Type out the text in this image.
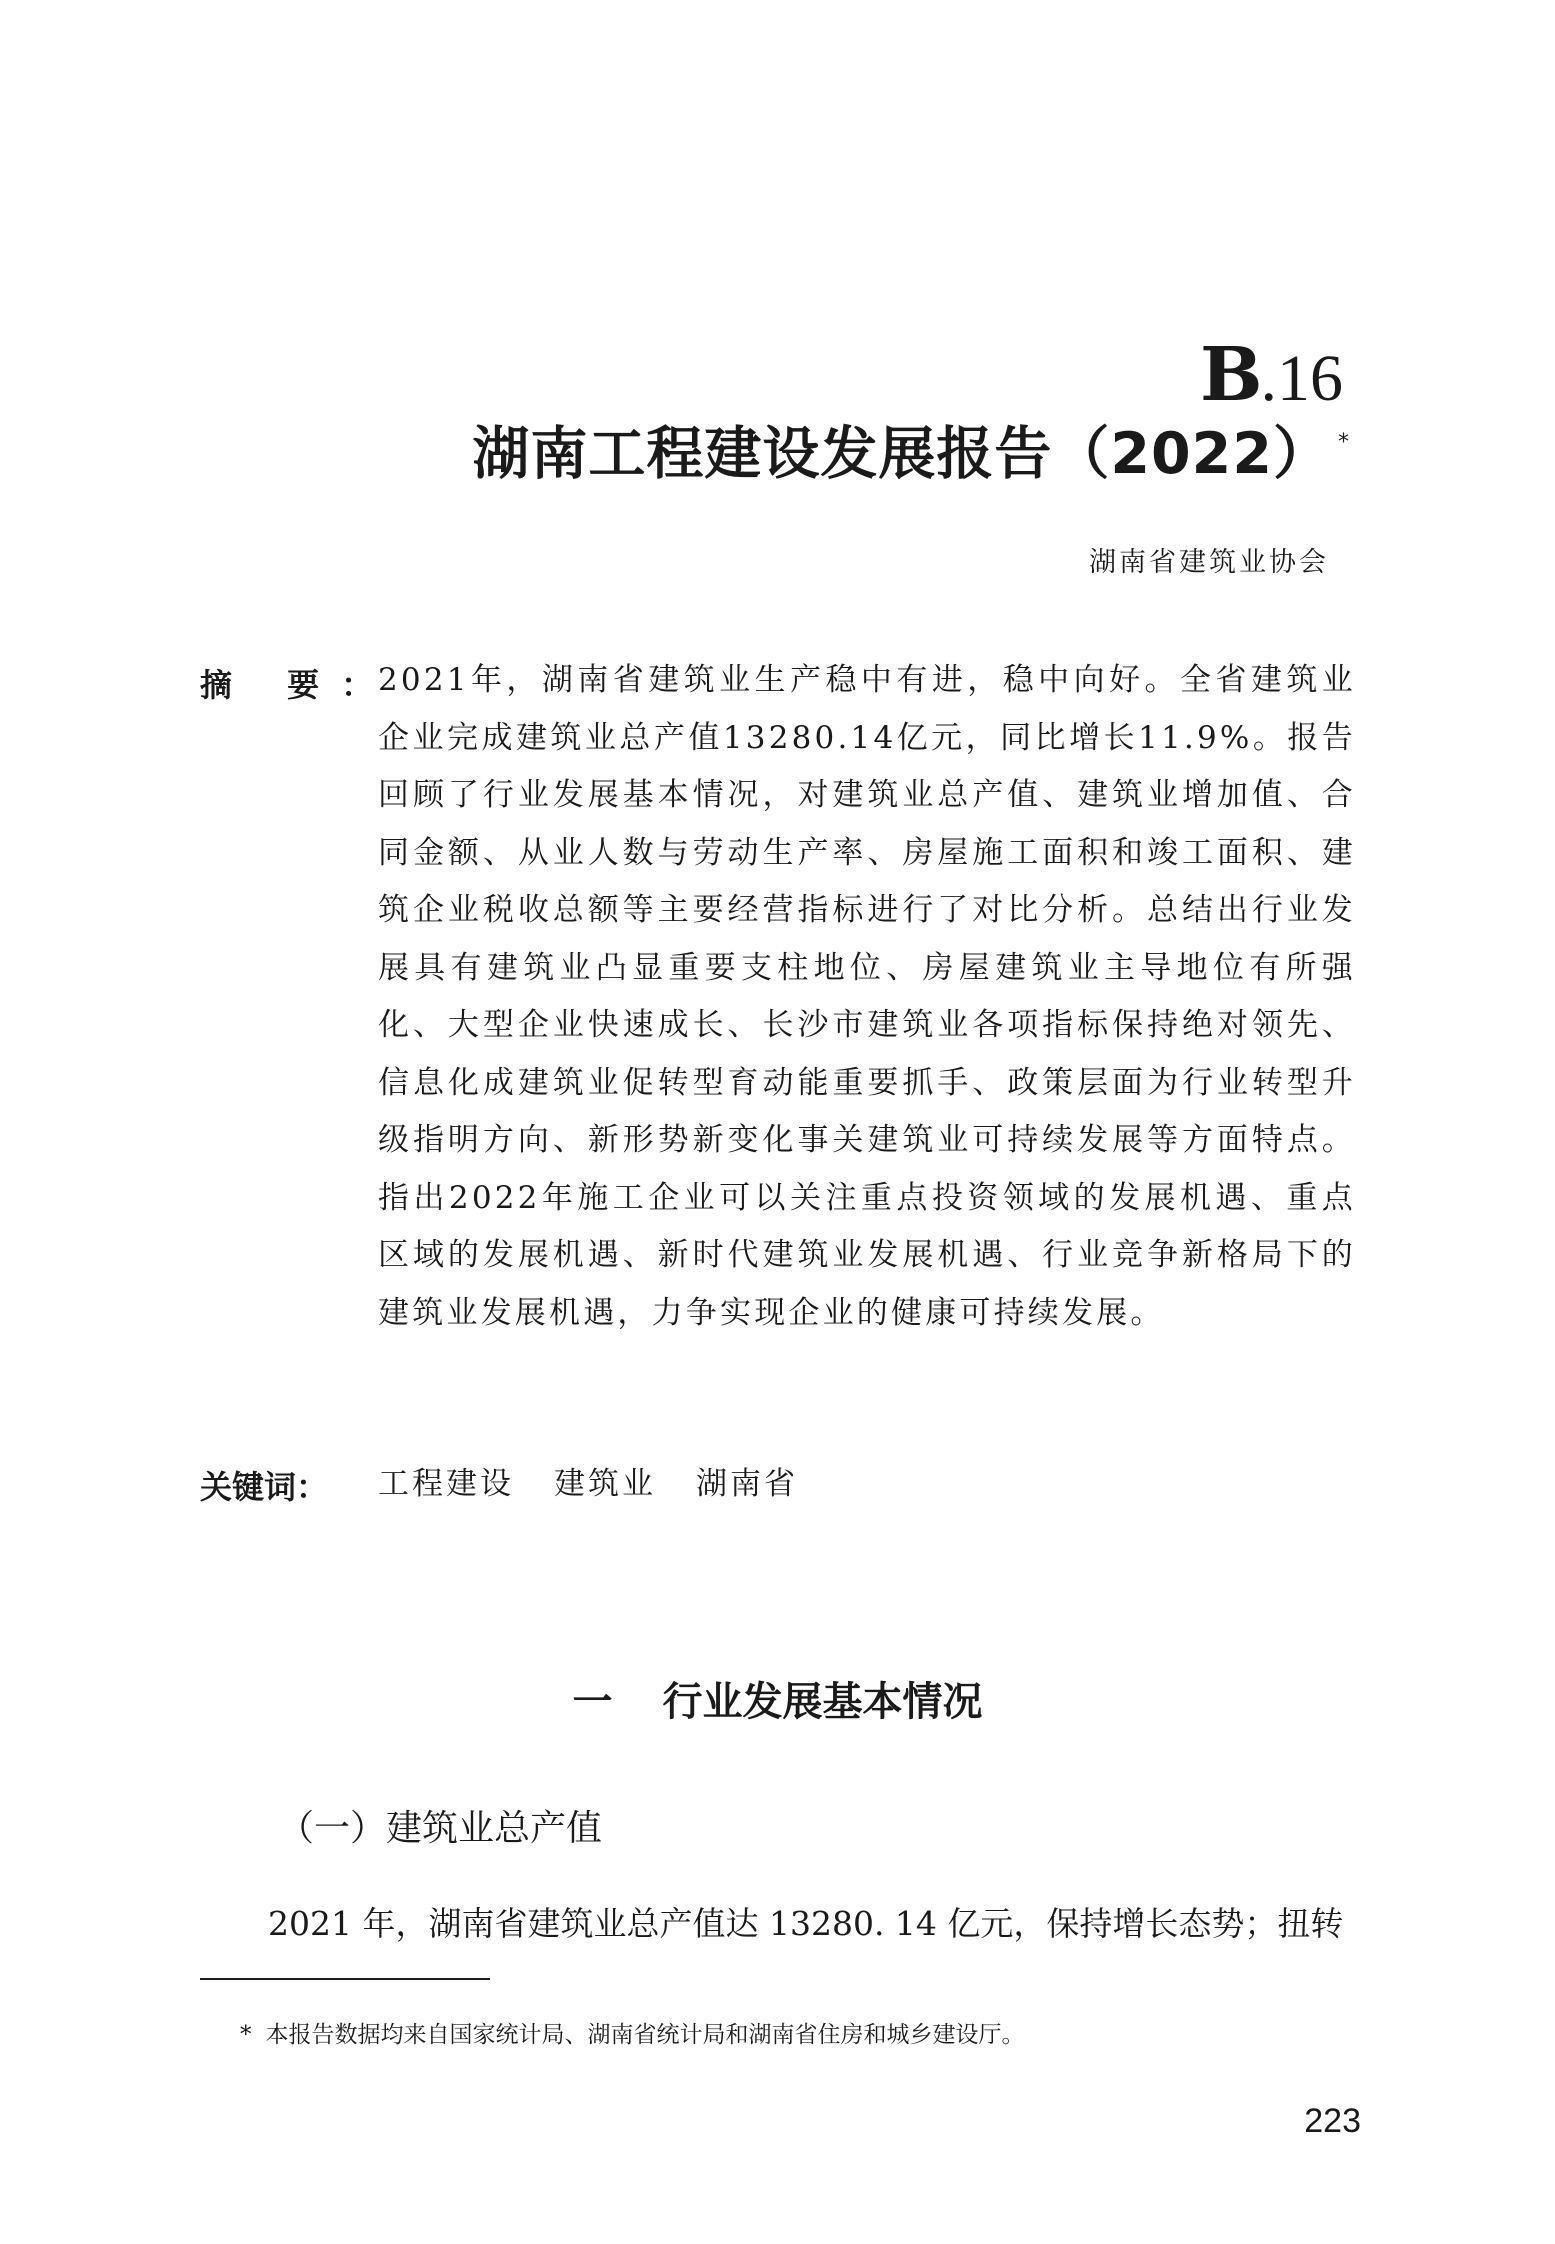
B.16
湖南工程建设发展报告（2022） *
湖南省建筑业协会
摘 要：
2021年，湖南省建筑业生产稳中有进，稳中向好。全省建筑业企业完成建筑业总产值13280.14亿元，同比增长11.9%。报告回顾了行业发展基本情况，对建筑业总产值、建筑业增加值、合同金额、从业人数与劳动生产率、房屋施工面积和竣工面积、建筑企业税收总额等主要经营指标进行了对比分析。总结出行业发展具有建筑业凸显重要支柱地位、房屋建筑业主导地位有所强化、大型企业快速成长、长沙市建筑业各项指标保持绝对领先、信息化成建筑业促转型育动能重要抓手、政策层面为行业转型升级指明方向、新形势新变化事关建筑业可持续发展等方面特点。指出2022年施工企业可以关注重点投资领域的发展机遇、重点区域的发展机遇、新时代建筑业发展机遇、行业竞争新格局下的建筑业发展机遇，力争实现企业的健康可持续发展。
关键词： 工程建设 建筑业 湖南省
一 行业发展基本情况
（一）建筑业总产值
2021 年，湖南省建筑业总产值达 13280. 14 亿元，保持增长态势；扭转
* 本报告数据均来自国家统计局、湖南省统计局和湖南省住房和城乡建设厅。
223
